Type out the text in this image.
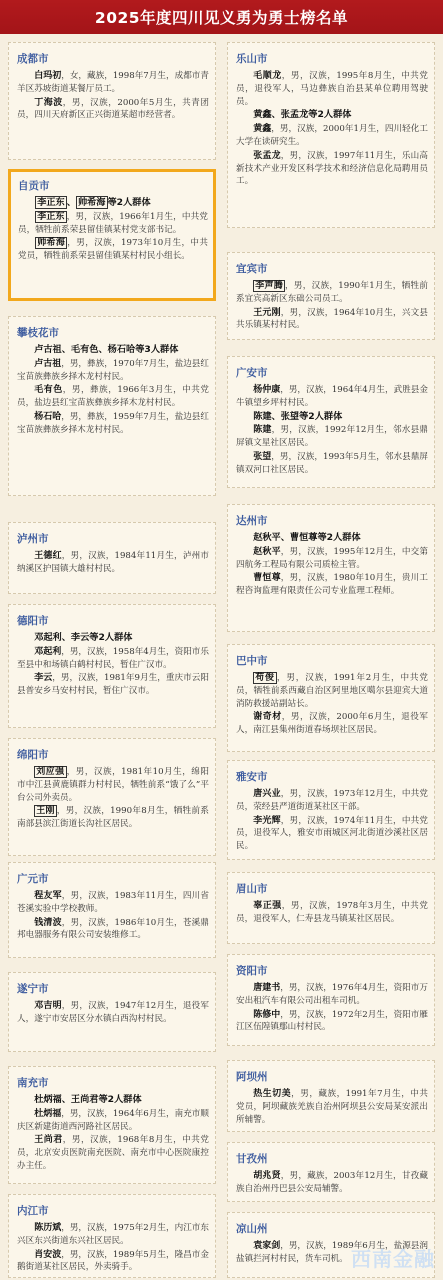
2025年度四川见义勇为勇士榜名单
成都市

白玛初，女，藏族，1998年7月生，成都市青羊区苏坡街道某餐厅员工。

丁海波，男，汉族，2000年5月生，共青团员，四川天府新区正兴街道某超市经营者。

自贡市

李正东 、 帅希海 等2人群体

李正东 ，男，汉族，1966年1月生，中共党员，牺牲前系荣县留佳镇某村党支部书记。

帅希海 ，男，汉族，1973年10月生，中共党员，牺牲前系荣县留佳镇某村村民小组长。

攀枝花市

卢古祖、毛有色、杨石哈等3人群体

卢古祖，男，彝族，1970年7月生，盐边县红宝苗族彝族乡择木龙村村民。

毛有色，男，彝族，1966年3月生，中共党员，盐边县红宝苗族彝族乡择木龙村村民。

杨石哈，男，彝族，1959年7月生，盐边县红宝苗族彝族乡择木龙村村民。

泸州市

王德红，男，汉族，1984年11月生，泸州市纳溪区护国镇大雄村村民。

德阳市

邓起利、李云等2人群体

邓起利，男，汉族，1958年4月生，资阳市乐至县中和场镇白鹤村村民，暂住广汉市。

李云，男，汉族，1981年9月生，重庆市云阳县普安乡马安村村民，暂住广汉市。

绵阳市

刘应强 ，男，汉族，1981年10月生，绵阳市中江县黄鹿镇群力村村民，牺牲前系“饿了么”平台公司外卖员。

王刚 ，男，汉族，1990年8月生，牺牲前系南部县滨江街道长沟社区居民。

广元市

程友军，男，汉族，1983年11月生，四川省苍溪实验中学校教师。

钱清波，男，汉族，1986年10月生，苍溪鼎邦电器服务有限公司安装维修工。

遂宁市

邓吉明，男，汉族，1947年12月生，退役军人，遂宁市安居区分水镇白西沟村村民。

南充市

杜炳福、王尚君等2人群体

杜炳福，男，汉族，1964年6月生，南充市顺庆区新建街道西河路社区居民。

王尚君，男，汉族，1968年8月生，中共党员，北京安贞医院南充医院、南充市中心医院康控办主任。

内江市

陈历斌，男，汉族，1975年2月生，内江市东兴区东兴街道东兴社区居民。

肖安波，男，汉族，1989年5月生，隆昌市金鹅街道某社区居民，外卖骑手。

乐山市

毛顺龙，男，汉族，1995年8月生，中共党员，退役军人，马边彝族自治县某单位聘用驾驶员。

黄鑫、张孟龙等2人群体

黄鑫，男，汉族，2000年1月生，四川轻化工大学在读研究生。

张孟龙，男，汉族，1997年11月生，乐山高新技术产业开发区科学技术和经济信息化局聘用员工。

宜宾市

李声腾 ，男，汉族，1990年1月生，牺牲前系宜宾高新区东础公司员工。

王元刚，男，汉族，1964年10月生，兴文县共乐镇某村村民。

广安市

杨仲康，男，汉族，1964年4月生，武胜县金牛镇望乡坪村村民。

陈建、张望等2人群体

陈建，男，汉族，1992年12月生，邻水县鼎屏镇文星社区居民。

张望，男，汉族，1993年5月生，邻水县鼎屏镇双河口社区居民。

达州市

赵秋平、曹恒尊等2人群体

赵秋平，男，汉族，1995年12月生，中交第四航务工程局有限公司质检主管。

曹恒尊，男，汉族，1980年10月生，贵川工程咨询监理有限责任公司专业监理工程师。

巴中市

苟俊 ，男，汉族，1991年2月生，中共党员，牺牲前系西藏自治区阿里地区噶尔县迎宾大道消防救援站副站长。

谢奇材，男，汉族，2000年6月生，退役军人，南江县集州街道春场坝社区居民。

雅安市

唐兴业，男，汉族，1973年12月生，中共党员，荥经县严道街道某社区干部。

李光辉，男，汉族，1974年11月生，中共党员，退役军人，雅安市雨城区河北街道沙溪社区居民。

眉山市

辜正强，男，汉族，1978年3月生，中共党员，退役军人，仁寿县龙马镇某社区居民。

资阳市

唐建书，男，汉族，1976年4月生，资阳市万安出租汽车有限公司出租车司机。

陈修中，男，汉族，1972年2月生，资阳市雁江区伍隍镇鄢山村村民。

阿坝州

热生切美，男，藏族，1991年7月生，中共党员，阿坝藏族羌族自治州阿坝县公安局某安派出所辅警。

甘孜州

胡兆贤，男，藏族，2003年12月生，甘孜藏族自治州丹巴县公安局辅警。

凉山州

袁家剑，男，汉族，1989年6月生，盐源县润盐镇拦河村村民，货车司机。 西南金融
